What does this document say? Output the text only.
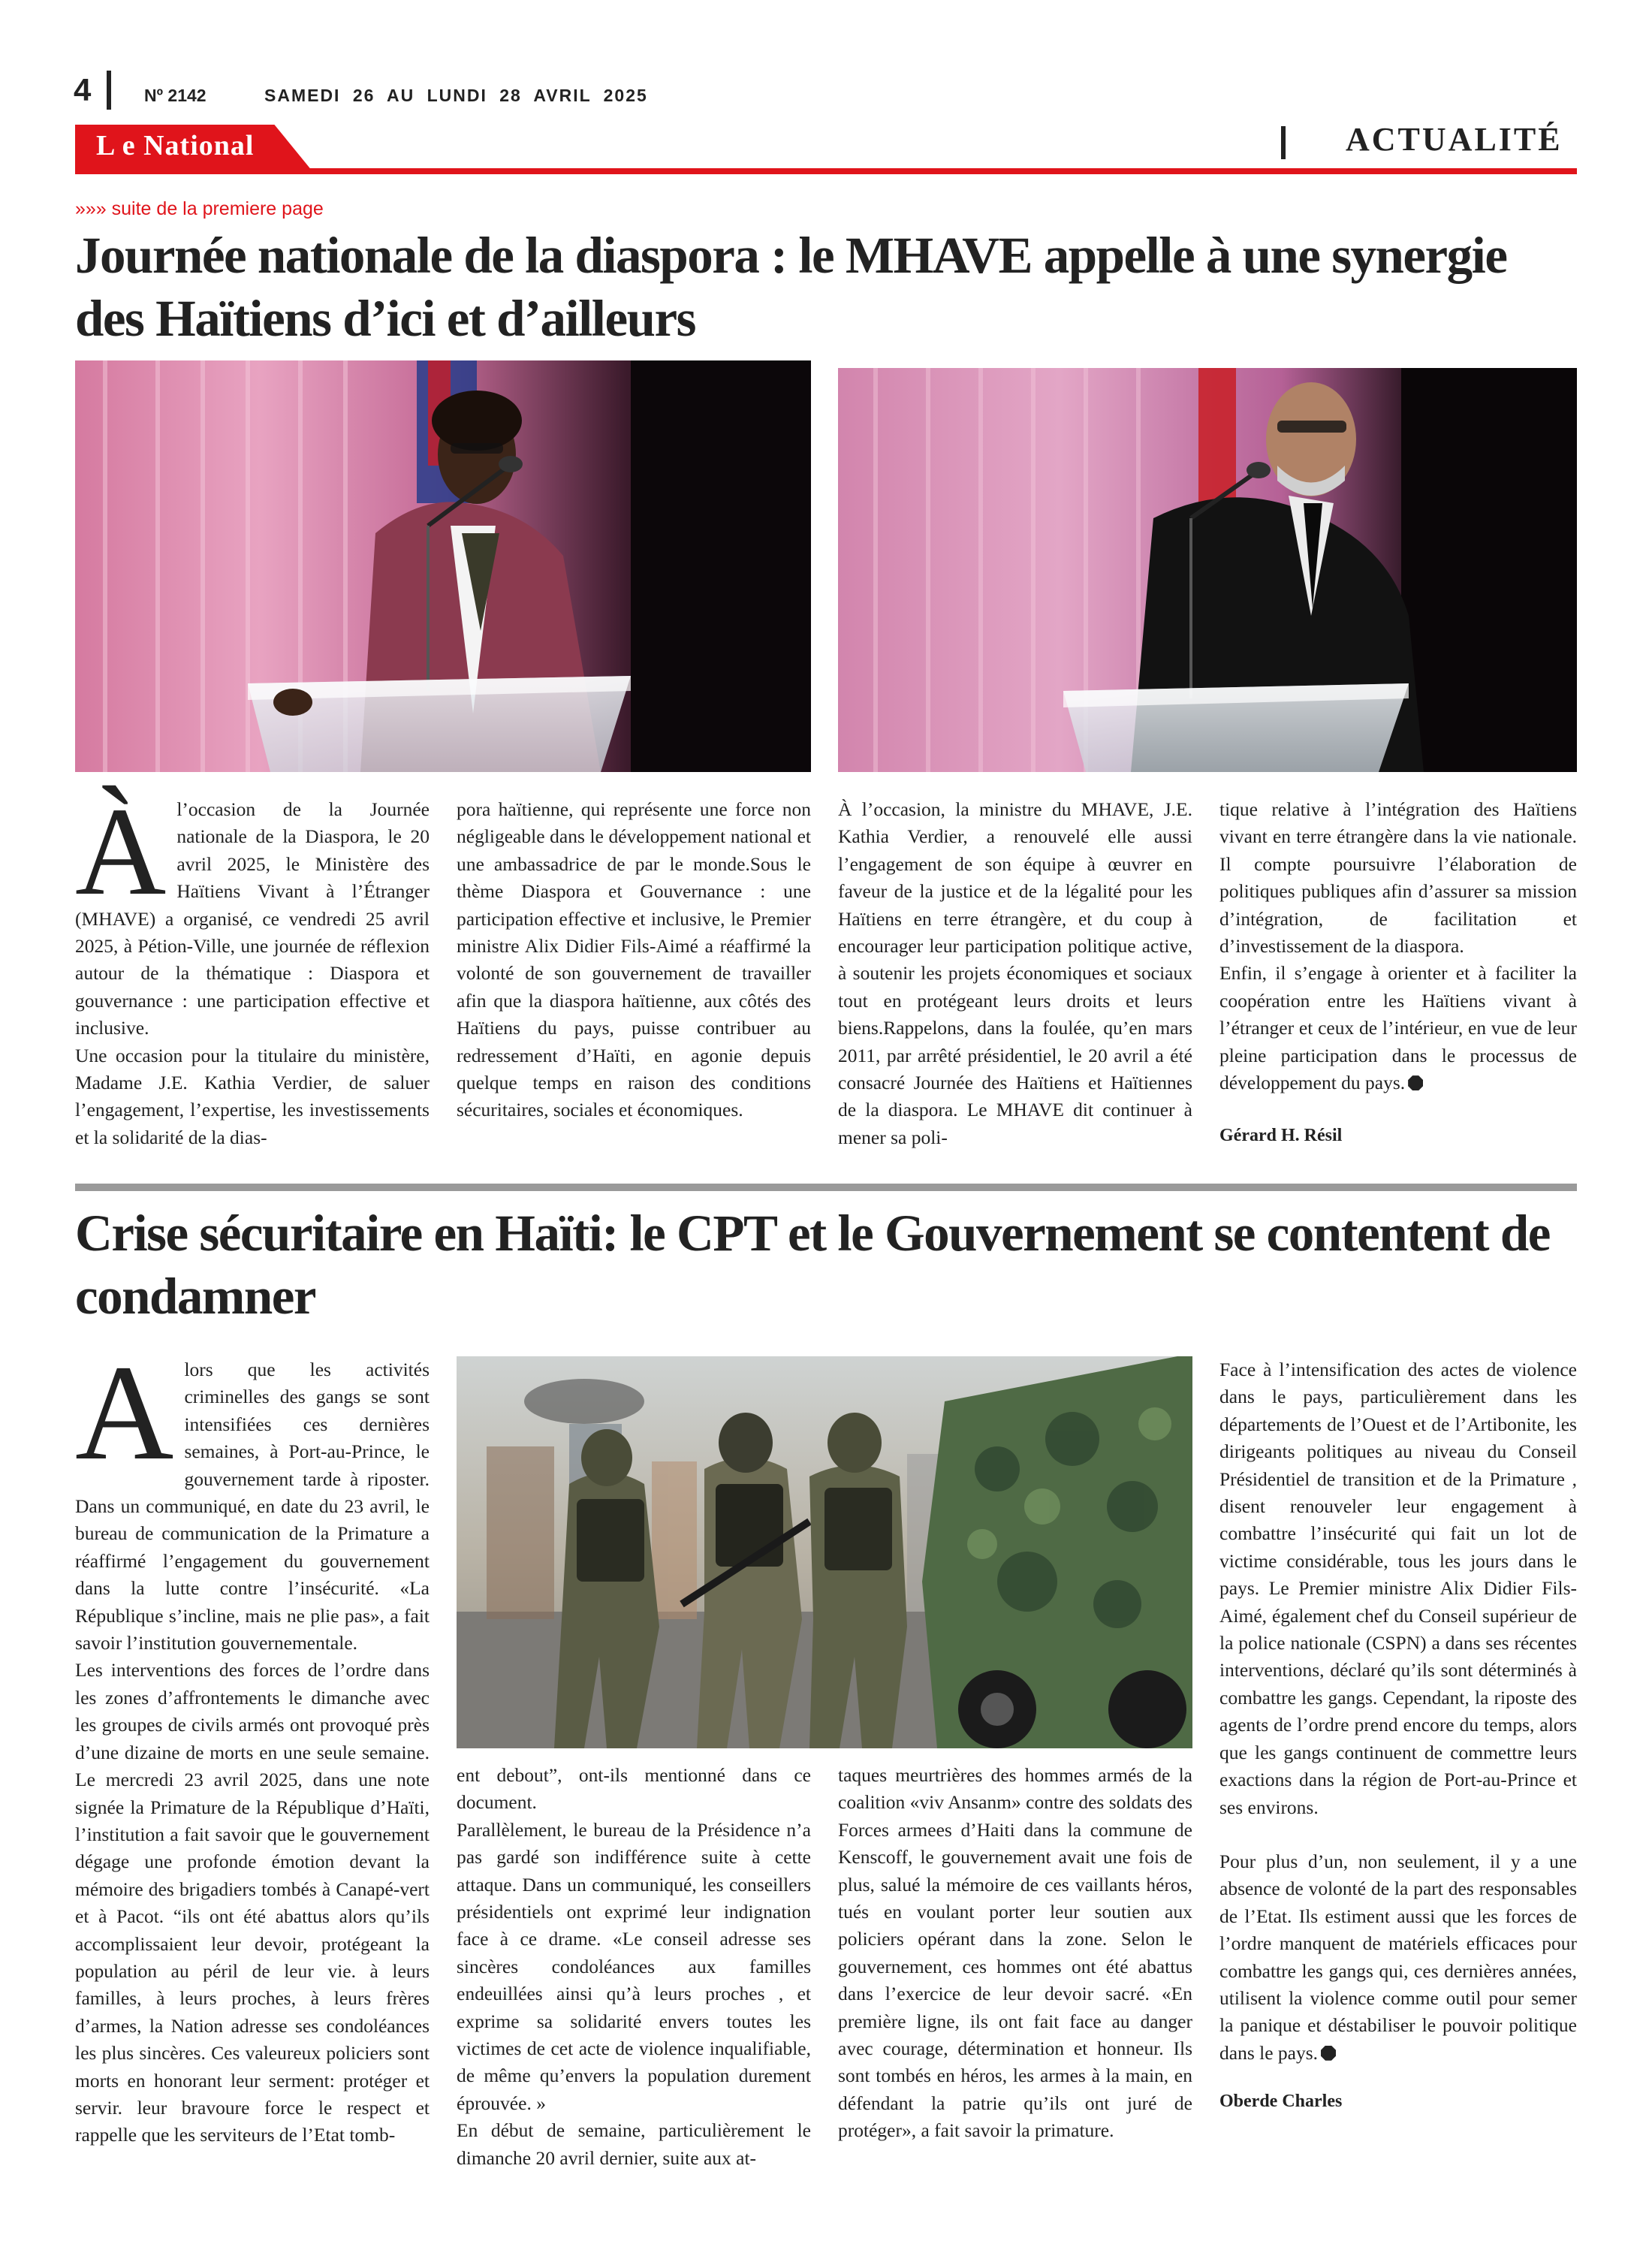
4	Nº 2142	SAMEDI 26 AU LUNDI 28 AVRIL 2025
L e National	ACTUALITÉ
»»» suite de la premiere page
Journée nationale de la diaspora : le MHAVE appelle à une synergie des Haïtiens d’ici et d’ailleurs
À l’occasion de la Journée nationale de la Diaspora, le 20 avril 2025, le Ministère des Haïtiens Vivant à l’Étranger (MHAVE) a organisé, ce vendredi 25 avril 2025, à Pétion-Ville, une journée de réflexion autour de la thématique : Diaspora et gouvernance : une participation effective et inclusive.

Une occasion pour la titulaire du ministère, Madame J.E. Kathia Verdier, de saluer l’engagement, l’expertise, les investissements et la solidarité de la dias-

pora haïtienne, qui représente une force non négligeable dans le développement national et une ambassadrice de par le monde.Sous le thème Diaspora et Gouvernance : une participation effective et inclusive, le Premier ministre Alix Didier Fils-Aimé a réaffirmé la volonté de son gouvernement de travailler afin que la diaspora haïtienne, aux côtés des Haïtiens du pays, puisse contribuer au redressement d’Haïti, en agonie depuis quelque temps en raison des conditions sécuritaires, sociales et économiques.

À l’occasion, la ministre du MHAVE, J.E. Kathia Verdier, a renouvelé elle aussi l’engagement de son équipe à œuvrer en faveur de la justice et de la légalité pour les Haïtiens en terre étrangère, et du coup à encourager leur participation politique active, à soutenir les projets économiques et sociaux tout en protégeant leurs droits et leurs biens.Rappelons, dans la foulée, qu’en mars 2011, par arrêté présidentiel, le 20 avril a été consacré Journée des Haïtiens et Haïtiennes de la diaspora. Le MHAVE dit continuer à mener sa poli-

tique relative à l’intégration des Haïtiens vivant en terre étrangère dans la vie nationale. Il compte poursuivre l’élaboration de politiques publiques afin d’assurer sa mission d’intégration, de facilitation et d’investissement de la diaspora.

Enfin, il s’engage à orienter et à faciliter la coopération entre les Haïtiens vivant à l’étranger et ceux de l’intérieur, en vue de leur pleine participation dans le processus de développement du pays.

Gérard H. Résil

Crise sécuritaire en Haïti: le CPT et le Gouvernement se contentent de condamner
A lors que les activités criminelles des gangs se sont intensifiées ces dernières semaines, à Port-au-Prince, le gouvernement tarde à riposter. Dans un communiqué, en date du 23 avril, le bureau de communication de la Primature a réaffirmé l’engagement du gouvernement dans la lutte contre l’insécurité. «La République s’incline, mais ne plie pas», a fait savoir l’institution gouvernementale.

Les interventions des forces de l’ordre dans les zones d’affrontements le dimanche avec les groupes de civils armés ont provoqué près d’une dizaine de morts en une seule semaine. Le mercredi 23 avril 2025, dans une note signée la Primature de la République d’Haïti, l’institution a fait savoir que le gouvernement dégage une profonde émotion devant la mémoire des brigadiers tombés à Canapé-vert et à Pacot. “ils ont été abattus alors qu’ils accomplissaient leur devoir, protégeant la population au péril de leur vie. à leurs familles, à leurs proches, à leurs frères d’armes, la Nation adresse ses condoléances les plus sincères. Ces valeureux policiers sont morts en honorant leur serment: protéger et servir. leur bravoure force le respect et rappelle que les serviteurs de l’Etat tomb-

ent debout”, ont-ils mentionné dans ce document.

Parallèlement, le bureau de la Présidence n’a pas gardé son indifférence suite à cette attaque. Dans un communiqué, les conseillers présidentiels ont exprimé leur indignation face à ce drame. «Le conseil adresse ses sincères condoléances aux familles endeuillées ainsi qu’à leurs proches , et exprime sa solidarité envers toutes les victimes de cet acte de violence inqualifiable, de même qu’envers la population durement éprouvée. »

En début de semaine, particulièrement le dimanche 20 avril dernier, suite aux at-

taques meurtrières des hommes armés de la coalition «viv Ansanm» contre des soldats des Forces armees d’Haiti dans la commune de Kenscoff, le gouvernement avait une fois de plus, salué la mémoire de ces vaillants héros, tués en voulant porter leur soutien aux policiers opérant dans la zone. Selon le gouvernement, ces hommes ont été abattus dans l’exercice de leur devoir sacré. «En première ligne, ils ont fait face au danger avec courage, détermination et honneur. Ils sont tombés en héros, les armes à la main, en défendant la patrie qu’ils ont juré de protéger», a fait savoir la primature.

Face à l’intensification des actes de violence dans le pays, particulièrement dans les départements de l’Ouest et de l’Artibonite, les dirigeants politiques au niveau du Conseil Présidentiel de transition et de la Primature , disent renouveler leur engagement à combattre l’insécurité qui fait un lot de victime considérable, tous les jours dans le pays. Le Premier ministre Alix Didier Fils-Aimé, également chef du Conseil supérieur de la police nationale (CSPN) a dans ses récentes interventions, déclaré qu’ils sont déterminés à combattre les gangs. Cependant, la riposte des agents de l’ordre prend encore du temps, alors que les gangs continuent de commettre leurs exactions dans la région de Port-au-Prince et ses environs.

Pour plus d’un, non seulement, il y a une absence de volonté de la part des responsables de l’Etat. Ils estiment aussi que les forces de l’ordre manquent de matériels efficaces pour combattre les gangs qui, ces dernières années, utilisent la violence comme outil pour semer la panique et déstabiliser le pouvoir politique dans le pays.

Oberde Charles
